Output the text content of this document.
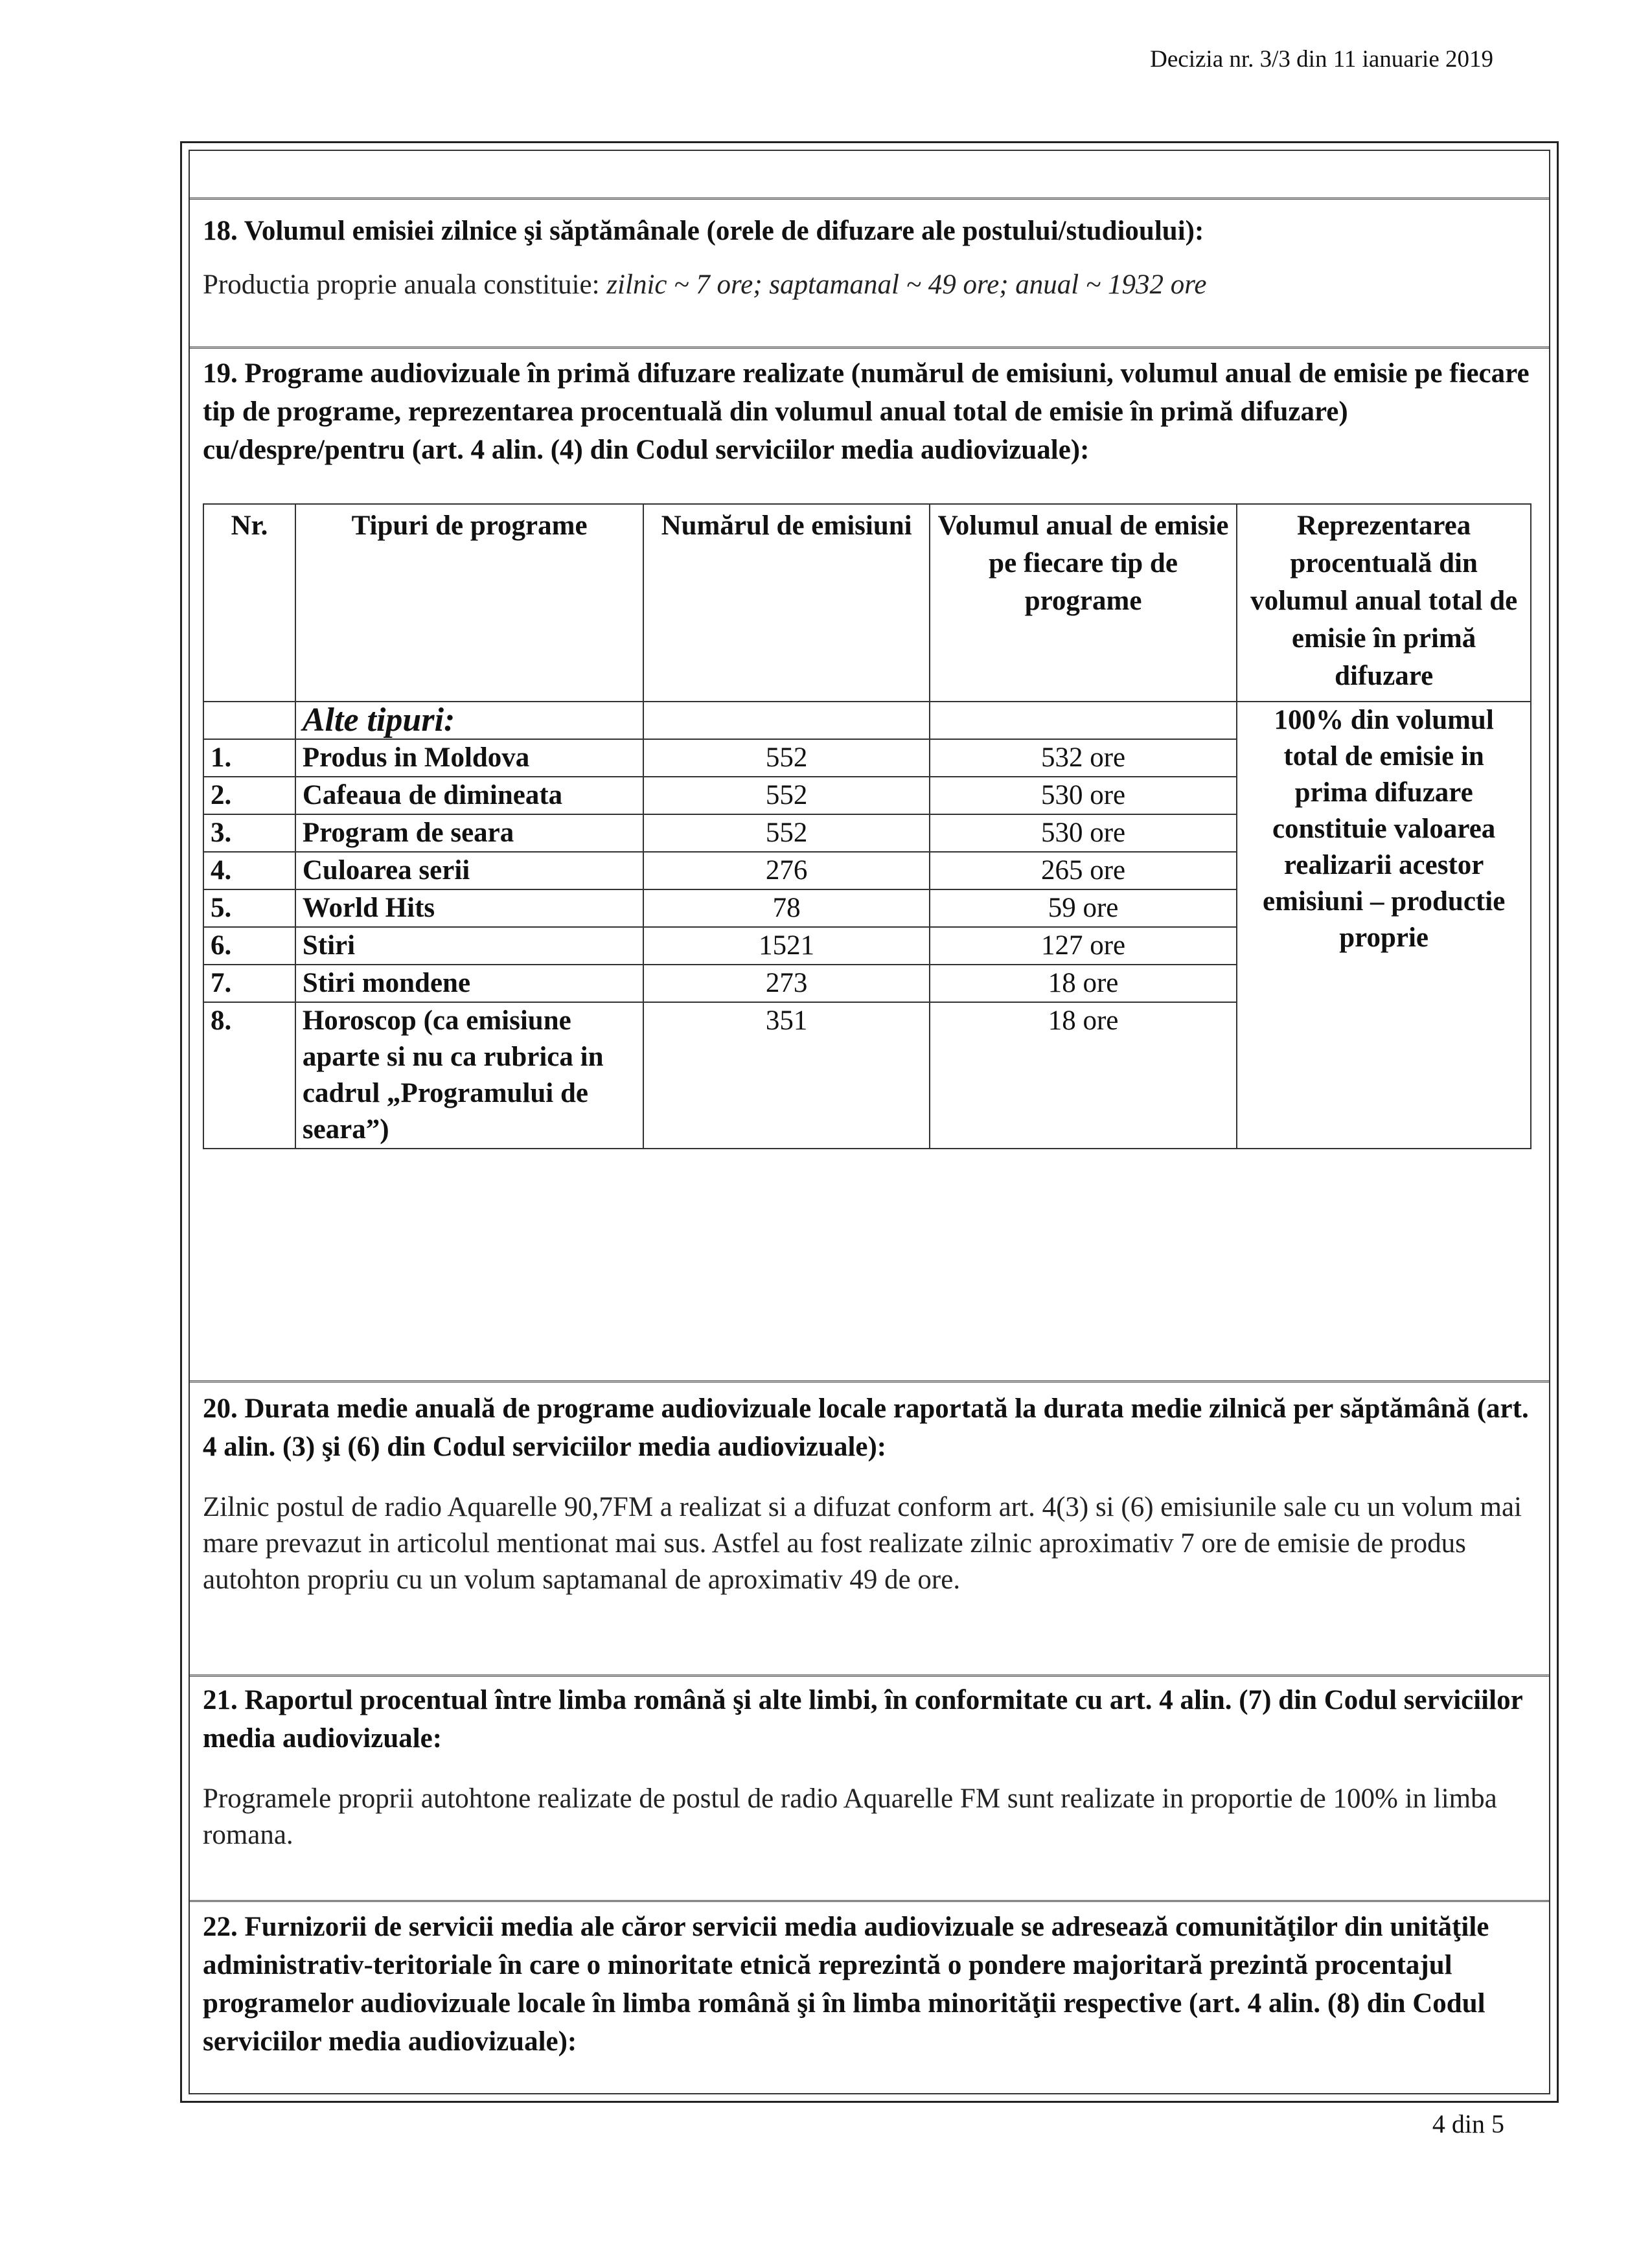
Decizia nr. 3/3 din 11 ianuarie 2019

18. Volumul emisiei zilnice şi săptămânale (orele de difuzare ale postului/studioului):

Productia proprie anuala constituie: zilnic ~ 7 ore; saptamanal ~ 49 ore; anual ~ 1932 ore

19. Programe audiovizuale în primă difuzare realizate (numărul de emisiuni, volumul anual de emisie pe fiecare tip de programe, reprezentarea procentuală din volumul anual total de emisie în primă difuzare) cu/despre/pentru (art. 4 alin. (4) din Codul serviciilor media audiovizuale):

Nr.	Tipuri de programe	Numărul de emisiuni	Volumul anual de emisie pe fiecare tip de programe	Reprezentarea procentuală din volumul anual total de emisie în primă difuzare
	Alte tipuri:			100% din volumul total de emisie in prima difuzare constituie valoarea realizarii acestor emisiuni – productie proprie
1.	Produs in Moldova	552	532 ore	
2.	Cafeaua de dimineata	552	530 ore	
3.	Program de seara	552	530 ore	
4.	Culoarea serii	276	265 ore	
5.	World Hits	78	59 ore	
6.	Stiri	1521	127 ore	
7.	Stiri mondene	273	18 ore	
8.	Horoscop (ca emisiune aparte si nu ca rubrica in cadrul „Programului de seara”)	351	18 ore	

20. Durata medie anuală de programe audiovizuale locale raportată la durata medie zilnică per săptămână (art. 4 alin. (3) şi (6) din Codul serviciilor media audiovizuale):

Zilnic postul de radio Aquarelle 90,7FM a realizat si a difuzat conform art. 4(3) si (6) emisiunile sale cu un volum mai mare prevazut in articolul mentionat mai sus. Astfel au fost realizate zilnic aproximativ 7 ore de emisie de produs autohton propriu cu un volum saptamanal de aproximativ 49 de ore.

21. Raportul procentual între limba română şi alte limbi, în conformitate cu art. 4 alin. (7) din Codul serviciilor media audiovizuale:

Programele proprii autohtone realizate de postul de radio Aquarelle FM sunt realizate in proportie de 100% in limba romana.

22. Furnizorii de servicii media ale căror servicii media audiovizuale se adresează comunităţilor din unităţile administrativ-teritoriale în care o minoritate etnică reprezintă o pondere majoritară prezintă procentajul programelor audiovizuale locale în limba română şi în limba minorităţii respective (art. 4 alin. (8) din Codul serviciilor media audiovizuale):

4 din 5
